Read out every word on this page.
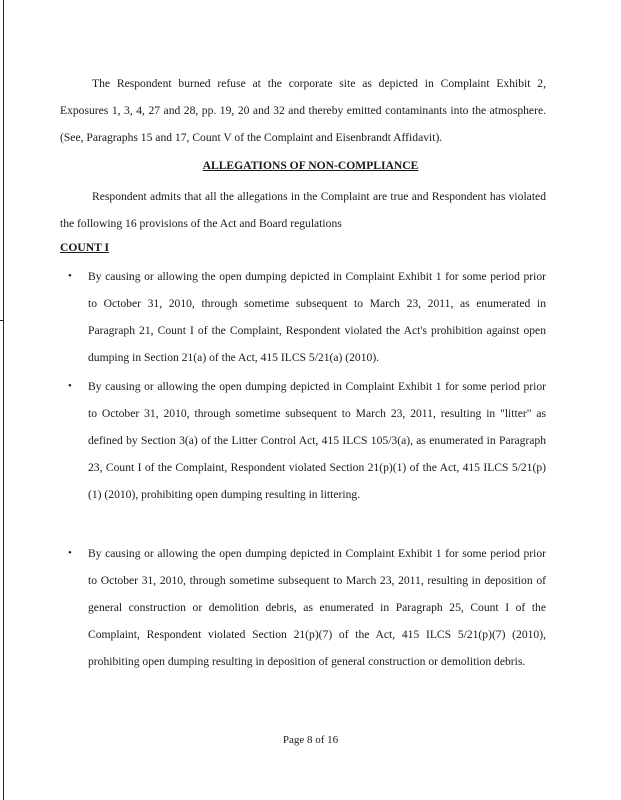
The Respondent burned refuse at the corporate site as depicted in Complaint Exhibit 2, Exposures 1, 3, 4, 27 and 28, pp. 19, 20 and 32 and thereby emitted contaminants into the atmosphere. (See, Paragraphs 15 and 17, Count V of the Complaint and Eisenbrandt Affidavit).

ALLEGATIONS OF NON-COMPLIANCE

Respondent admits that all the allegations in the Complaint are true and Respondent has violated the following 16 provisions of the Act and Board regulations

COUNT I

• By causing or allowing the open dumping depicted in Complaint Exhibit 1 for some period prior to October 31, 2010, through sometime subsequent to March 23, 2011, as enumerated in Paragraph 21, Count I of the Complaint, Respondent violated the Act's prohibition against open dumping in Section 21(a) of the Act, 415 ILCS 5/21(a) (2010).

• By causing or allowing the open dumping depicted in Complaint Exhibit 1 for some period prior to October 31, 2010, through sometime subsequent to March 23, 2011, resulting in "litter" as defined by Section 3(a) of the Litter Control Act, 415 ILCS 105/3(a), as enumerated in Paragraph 23, Count I of the Complaint, Respondent violated Section 21(p)(1) of the Act, 415 ILCS 5/21(p)(1) (2010), prohibiting open dumping resulting in littering.

• By causing or allowing the open dumping depicted in Complaint Exhibit 1 for some period prior to October 31, 2010, through sometime subsequent to March 23, 2011, resulting in deposition of general construction or demolition debris, as enumerated in Paragraph 25, Count I of the Complaint, Respondent violated Section 21(p)(7) of the Act, 415 ILCS 5/21(p)(7) (2010), prohibiting open dumping resulting in deposition of general construction or demolition debris.

Page 8 of 16
